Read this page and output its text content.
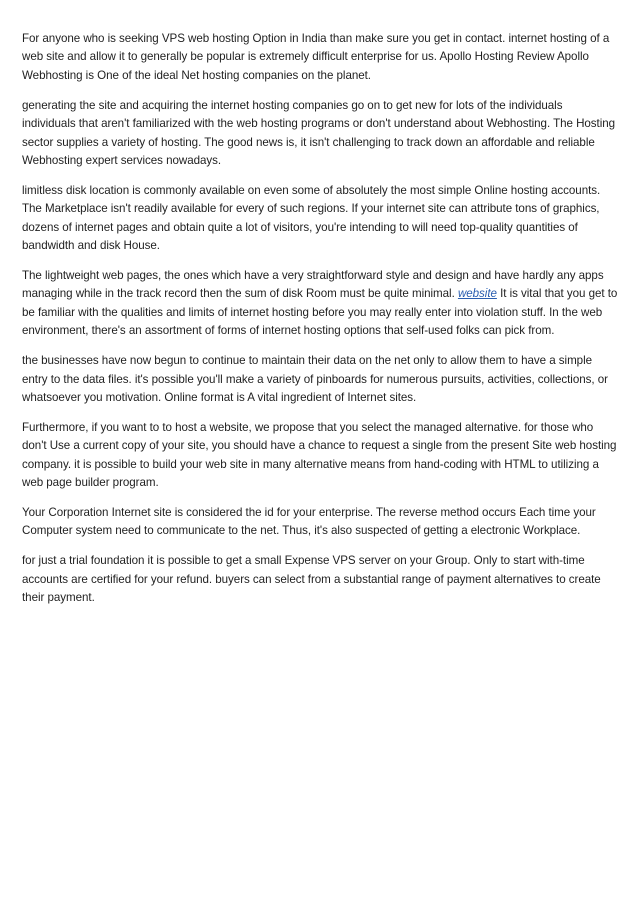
For anyone who is seeking VPS web hosting Option in India than make sure you get in contact. internet hosting of a web site and allow it to generally be popular is extremely difficult enterprise for us. Apollo Hosting Review Apollo Webhosting is One of the ideal Net hosting companies on the planet.

generating the site and acquiring the internet hosting companies go on to get new for lots of the individuals individuals that aren't familiarized with the web hosting programs or don't understand about Webhosting. The Hosting sector supplies a variety of hosting. The good news is, it isn't challenging to track down an affordable and reliable Webhosting expert services nowadays.

limitless disk location is commonly available on even some of absolutely the most simple Online hosting accounts. The Marketplace isn't readily available for every of such regions. If your internet site can attribute tons of graphics, dozens of internet pages and obtain quite a lot of visitors, you're intending to will need top-quality quantities of bandwidth and disk House.

The lightweight web pages, the ones which have a very straightforward style and design and have hardly any apps managing while in the track record then the sum of disk Room must be quite minimal. website It is vital that you get to be familiar with the qualities and limits of internet hosting before you may really enter into violation stuff. In the web environment, there's an assortment of forms of internet hosting options that self-used folks can pick from.

the businesses have now begun to continue to maintain their data on the net only to allow them to have a simple entry to the data files. it's possible you'll make a variety of pinboards for numerous pursuits, activities, collections, or whatsoever you motivation. Online format is A vital ingredient of Internet sites.

Furthermore, if you want to to host a website, we propose that you select the managed alternative. for those who don't Use a current copy of your site, you should have a chance to request a single from the present Site web hosting company. it is possible to build your web site in many alternative means from hand-coding with HTML to utilizing a web page builder program.

Your Corporation Internet site is considered the id for your enterprise. The reverse method occurs Each time your Computer system need to communicate to the net. Thus, it's also suspected of getting a electronic Workplace.

for just a trial foundation it is possible to get a small Expense VPS server on your Group. Only to start with-time accounts are certified for your refund. buyers can select from a substantial range of payment alternatives to create their payment.
